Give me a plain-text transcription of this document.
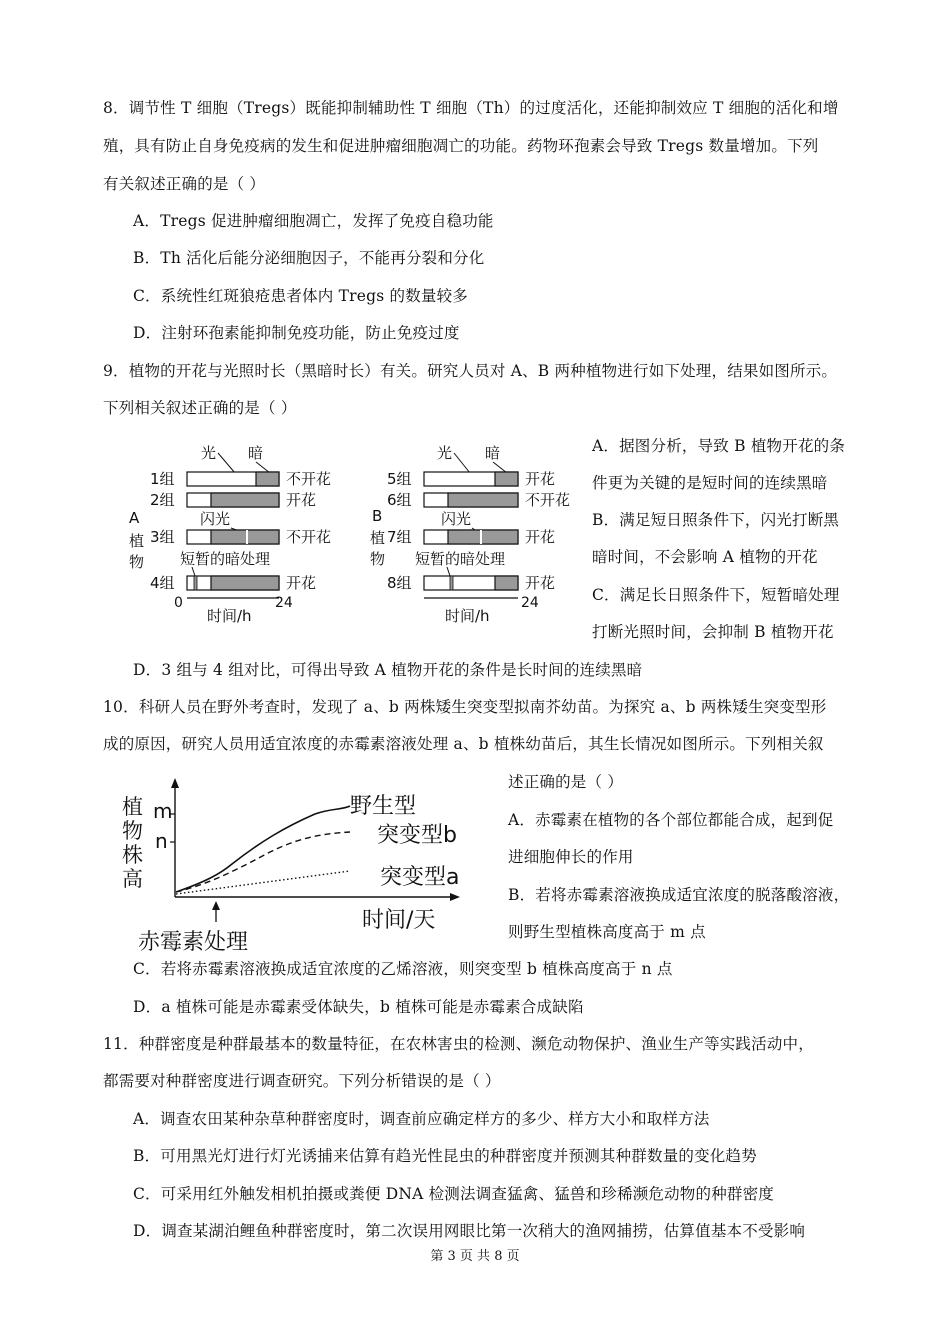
8．调节性 T 细胞（Tregs）既能抑制辅助性 T 细胞（Th）的过度活化，还能抑制效应 T 细胞的活化和增
殖，具有防止自身免疫病的发生和促进肿瘤细胞凋亡的功能。药物环孢素会导致 Tregs 数量增加。下列
有关叙述正确的是（ ）
A．Tregs 促进肿瘤细胞凋亡，发挥了免疫自稳功能
B．Th 活化后能分泌细胞因子，不能再分裂和分化
C．系统性红斑狼疮患者体内 Tregs 的数量较多
D．注射环孢素能抑制免疫功能，防止免疫过度
9．植物的开花与光照时长（黑暗时长）有关。研究人员对 A、B 两种植物进行如下处理，结果如图所示。
下列相关叙述正确的是（ ）
A
植
物
光 暗
1组	不开花
2组	开花
闪光
3组	不开花
短暂的暗处理
4组	开花
0	24
时间/h
B
植
物
光 暗
5组	开花
6组	不开花
闪光
7组	开花
短暂的暗处理
8组	开花
24
时间/h
A．据图分析，导致 B 植物开花的条
件更为关键的是短时间的连续黑暗
B．满足短日照条件下，闪光打断黑
暗时间，不会影响 A 植物的开花
C．满足长日照条件下，短暂暗处理
打断光照时间，会抑制 B 植物开花
D．3 组与 4 组对比，可得出导致 A 植物开花的条件是长时间的连续黑暗
10．科研人员在野外考查时，发现了 a、b 两株矮生突变型拟南芥幼苗。为探究 a、b 两株矮生突变型形
成的原因，研究人员用适宜浓度的赤霉素溶液处理 a、b 植株幼苗后，其生长情况如图所示。下列相关叙
植
物
株
高
m
n
野生型
突变型b
突变型a
时间/天
赤霉素处理
述正确的是（ ）
A．赤霉素在植物的各个部位都能合成，起到促
进细胞伸长的作用
B．若将赤霉素溶液换成适宜浓度的脱落酸溶液，
则野生型植株高度高于 m 点
C．若将赤霉素溶液换成适宜浓度的乙烯溶液，则突变型 b 植株高度高于 n 点
D．a 植株可能是赤霉素受体缺失，b 植株可能是赤霉素合成缺陷
11．种群密度是种群最基本的数量特征，在农林害虫的检测、濒危动物保护、渔业生产等实践活动中，
都需要对种群密度进行调查研究。下列分析错误的是（ ）
A．调查农田某种杂草种群密度时，调查前应确定样方的多少、样方大小和取样方法
B．可用黑光灯进行灯光诱捕来估算有趋光性昆虫的种群密度并预测其种群数量的变化趋势
C．可采用红外触发相机拍摄或粪便 DNA 检测法调查猛禽、猛兽和珍稀濒危动物的种群密度
D．调查某湖泊鲤鱼种群密度时，第二次误用网眼比第一次稍大的渔网捕捞，估算值基本不受影响
第 3 页 共 8 页
